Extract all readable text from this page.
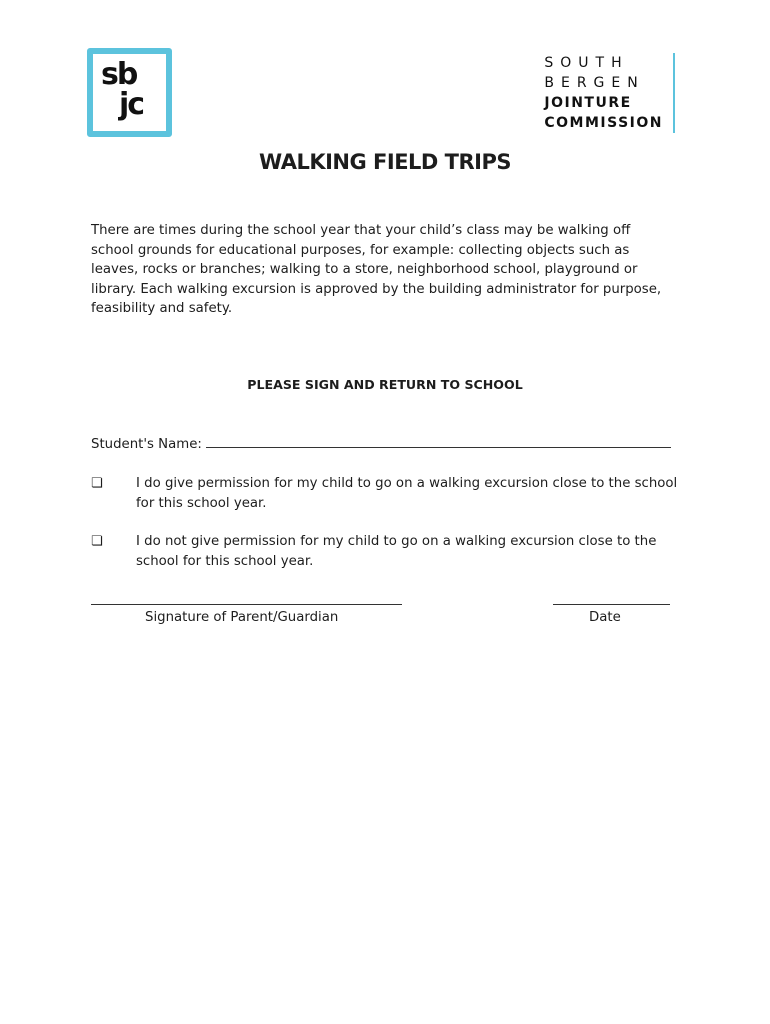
sb
jc
SOUTH
BERGEN
JOINTURE
COMMISSION
WALKING FIELD TRIPS
There are times during the school year that your child’s class may be walking off school grounds for educational purposes, for example: collecting objects such as leaves, rocks or branches; walking to a store, neighborhood school, playground or library. Each walking excursion is approved by the building administrator for purpose, feasibility and safety.
PLEASE SIGN AND RETURN TO SCHOOL
Student's Name:
❏	I do give permission for my child to go on a walking excursion close to the school for this school year.
❏	I do not give permission for my child to go on a walking excursion close to the school for this school year.
Signature of Parent/Guardian	Date
